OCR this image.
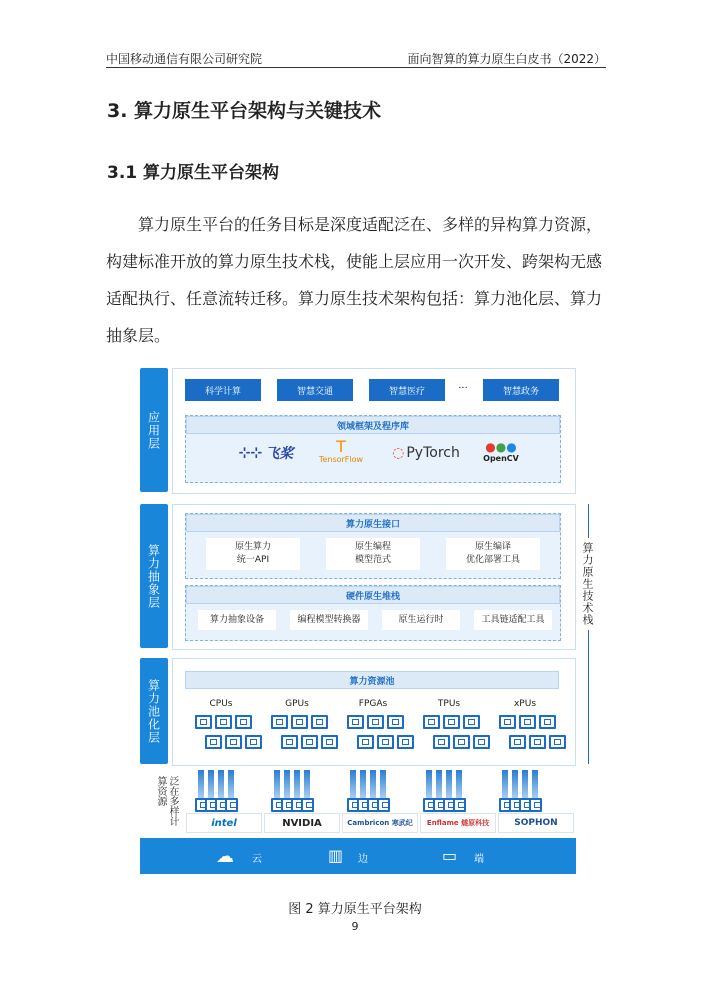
中国移动通信有限公司研究院	面向智算的算力原生白皮书（2022）
3. 算力原生平台架构与关键技术
3.1 算力原生平台架构

算力原生平台的任务目标是深度适配泛在、多样的异构算力资源，构建标准开放的算力原生技术栈，使能上层应用一次开发、跨架构无感适配执行、任意流转迁移。算力原生技术架构包括：算力池化层、算力抽象层。

应用层
科学计算	智慧交通	智慧医疗	···	智慧政务
领域框架及程序库
⊹⊹ 飞桨	T
TensorFlow ◌ PyTorch ●●●
OpenCV
算力抽象层
算力原生接口
原生算力
统一API
原生编程
模型范式
原生编译
优化部署工具
硬件原生堆栈
算力抽象设备	编程模型转换器	原生运行时	工具链适配工具
算力池化层	算力资源池
CPUs	GPUs	FPGAs	TPUs	xPUs
算力原生技术栈
泛在多样计算资源
intel	NVIDIA	Cambricon 寒武纪	Enflame 燧原科技	SOPHON
☁ 云	▥ 边	▭ 端
图 2 算力原生平台架构
9
